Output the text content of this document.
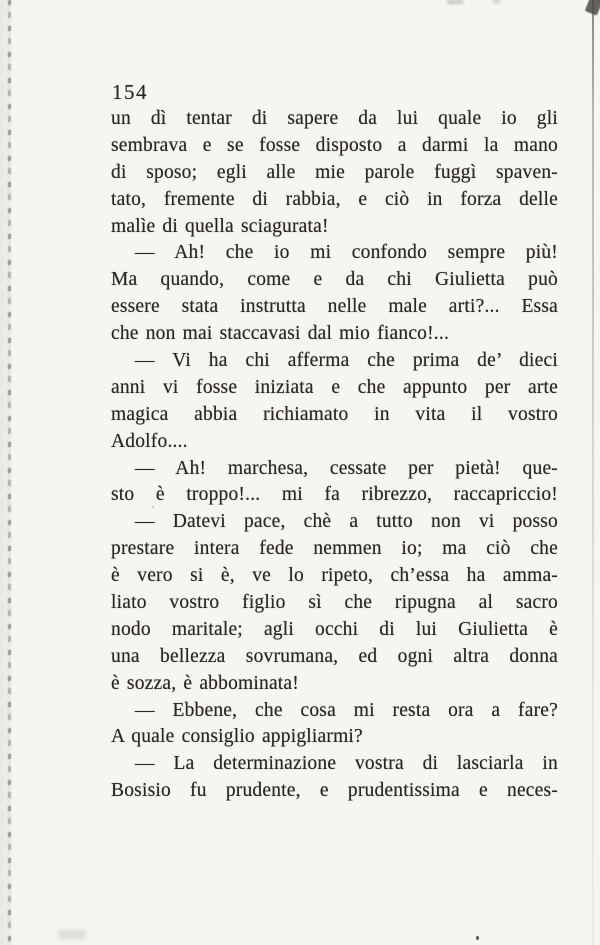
154
un dì tentar di sapere da lui quale io gli
sembrava e se fosse disposto a darmi la mano
di sposo; egli alle mie parole fuggì spaven-
tato, fremente di rabbia, e ciò in forza delle
malìe di quella sciagurata!
— Ah! che io mi confondo sempre più!
Ma quando, come e da chi Giulietta può
essere stata instrutta nelle male arti?... Essa
che non mai staccavasi dal mio fianco!...
— Vi ha chi afferma che prima de’ dieci
anni vi fosse iniziata e che appunto per arte
magica abbia richiamato in vita il vostro
Adolfo....
— Ah! marchesa, cessate per pietà! que-
sto è troppo!... mi fa ribrezzo, raccapriccio!
— Datevi pace, chè a tutto non vi posso
prestare intera fede nemmen io; ma ciò che
è vero si è, ve lo ripeto, ch’essa ha amma-
liato vostro figlio sì che ripugna al sacro
nodo maritale; agli occhi di lui Giulietta è
una bellezza sovrumana, ed ogni altra donna
è sozza, è abbominata!
— Ebbene, che cosa mi resta ora a fare?
A quale consiglio appigliarmi?
— La determinazione vostra di lasciarla in
Bosisio fu prudente, e prudentissima e neces-
